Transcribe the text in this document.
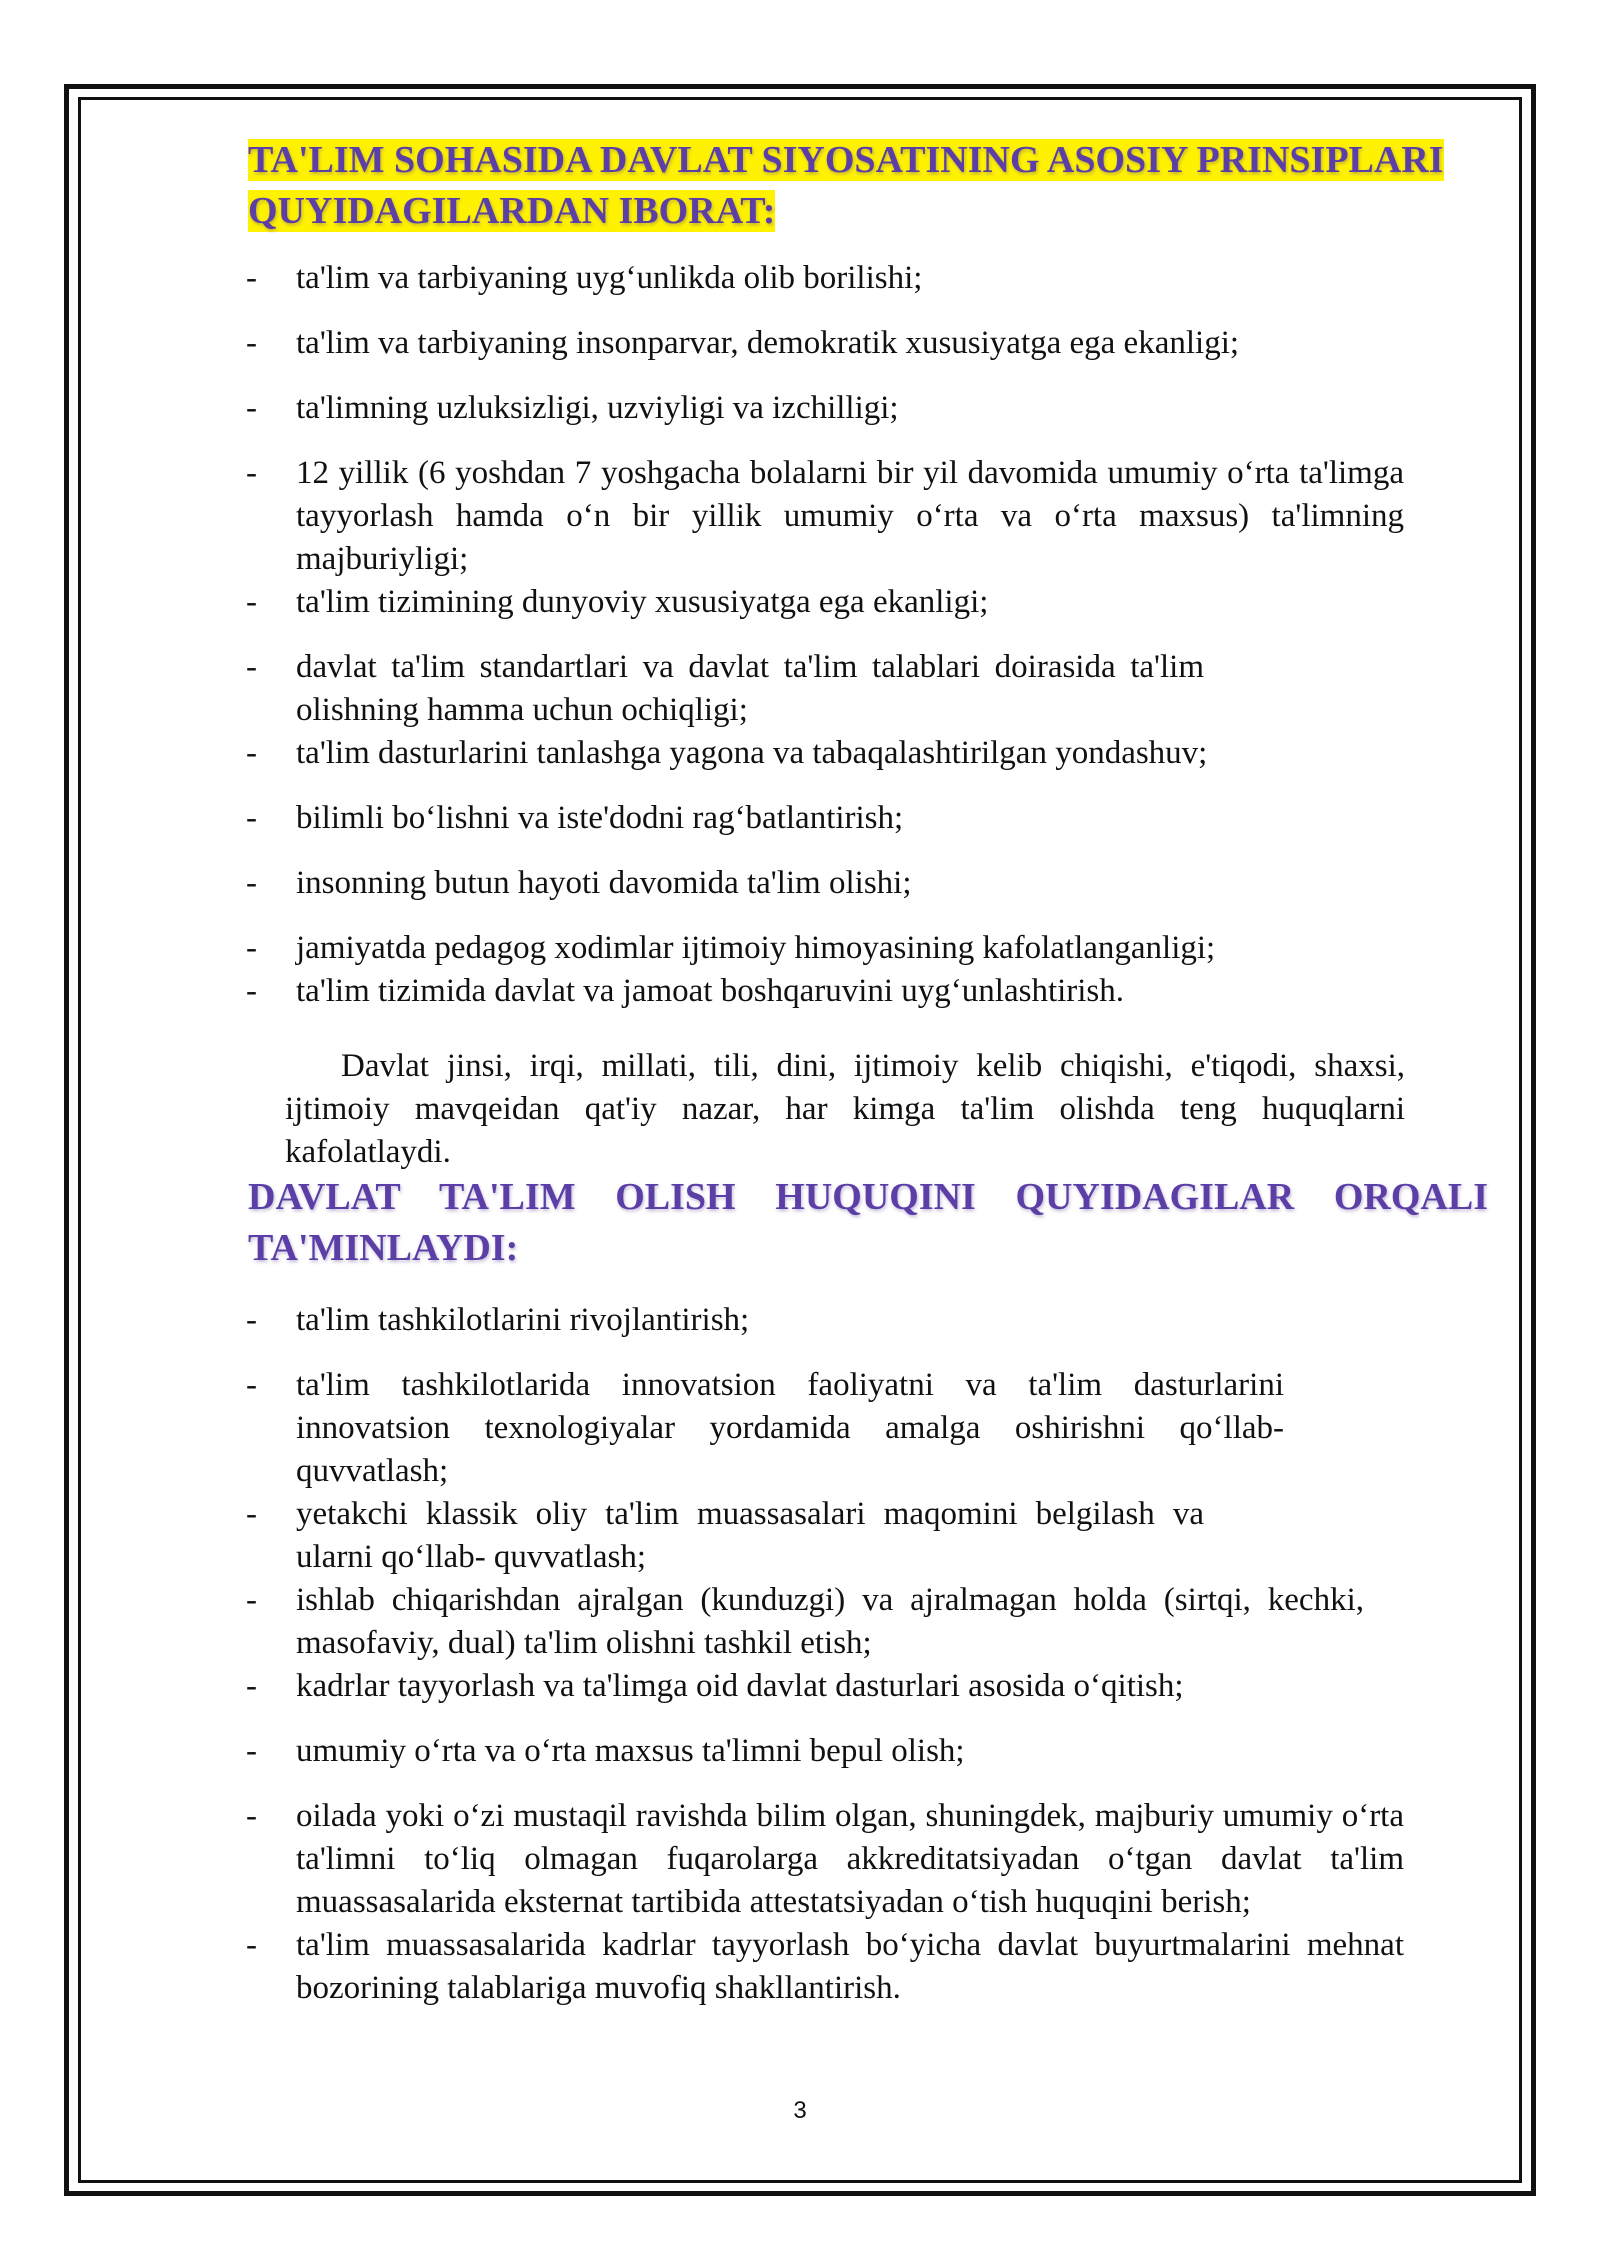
TA'LIM SOHASIDA DAVLAT SIYOSATINING ASOSIY PRINSIPLARI
QUYIDAGILARDAN IBORAT:
- ta'lim va tarbiyaning uyg‘unlikda olib borilishi;
- ta'lim va tarbiyaning insonparvar, demokratik xususiyatga ega ekanligi;
- ta'limning uzluksizligi, uzviyligi va izchilligi;
- 12 yillik (6 yoshdan 7 yoshgacha bolalarni bir yil davomida umumiy o‘rta ta'limga tayyorlash hamda o‘n bir yillik umumiy o‘rta va o‘rta maxsus) ta'limning majburiyligi;
- ta'lim tizimining dunyoviy xususiyatga ega ekanligi;
- davlat ta'lim standartlari va davlat ta'lim talablari doirasida ta'lim olishning hamma uchun ochiqligi;
- ta'lim dasturlarini tanlashga yagona va tabaqalashtirilgan yondashuv;
- bilimli bo‘lishni va iste'dodni rag‘batlantirish;
- insonning butun hayoti davomida ta'lim olishi;
- jamiyatda pedagog xodimlar ijtimoiy himoyasining kafolatlanganligi;
- ta'lim tizimida davlat va jamoat boshqaruvini uyg‘unlashtirish.

Davlat jinsi, irqi, millati, tili, dini, ijtimoiy kelib chiqishi, e'tiqodi, shaxsi, ijtimoiy mavqeidan qat'iy nazar, har kimga ta'lim olishda teng huquqlarni kafolatlaydi.

DAVLAT TA'LIM OLISH HUQUQINI QUYIDAGILAR ORQALI TA'MINLAYDI:
- ta'lim tashkilotlarini rivojlantirish;
- ta'lim tashkilotlarida innovatsion faoliyatni va ta'lim dasturlarini innovatsion texnologiyalar yordamida amalga oshirishni qo‘llab-quvvatlash;
- yetakchi klassik oliy ta'lim muassasalari maqomini belgilash va ularni qo‘llab- quvvatlash;
- ishlab chiqarishdan ajralgan (kunduzgi) va ajralmagan holda (sirtqi, kechki, masofaviy, dual) ta'lim olishni tashkil etish;
- kadrlar tayyorlash va ta'limga oid davlat dasturlari asosida o‘qitish;
- umumiy o‘rta va o‘rta maxsus ta'limni bepul olish;
- oilada yoki o‘zi mustaqil ravishda bilim olgan, shuningdek, majburiy umumiy o‘rta ta'limni to‘liq olmagan fuqarolarga akkreditatsiyadan o‘tgan davlat ta'lim muassasalarida eksternat tartibida attestatsiyadan o‘tish huquqini berish;
- ta'lim muassasalarida kadrlar tayyorlash bo‘yicha davlat buyurtmalarini mehnat bozorining talablariga muvofiq shakllantirish.
3
